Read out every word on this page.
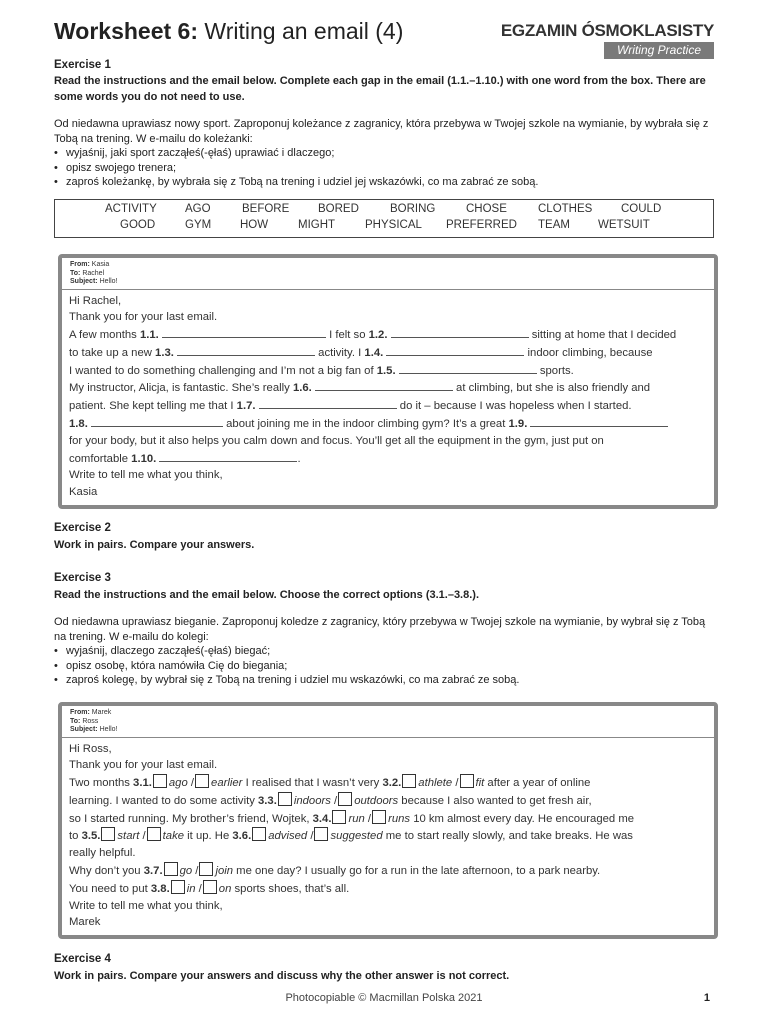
Worksheet 6: Writing an email (4)	EGZAMIN ÓSMOKLASISTY
Writing Practice
Exercise 1
Read the instructions and the email below. Complete each gap in the email (1.1.–1.10.) with one word from the box. There are some words you do not need to use.
Od niedawna uprawiasz nowy sport. Zaproponuj koleżance z zagranicy, która przebywa w Twojej szkole na wymianie, by wybrała się z Tobą na trening. W e-mailu do koleżanki:
• wyjaśnij, jaki sport zacząłeś(-ęłaś) uprawiać i dlaczego;
• opisz swojego trenera;
• zaproś koleżankę, by wybrała się z Tobą na trening i udziel jej wskazówki, co ma zabrać ze sobą.
ACTIVITY AGO	BEFORE BORED	BORING	CHOSE	CLOTHES COULD
GOOD	GYM	HOW	MIGHT	PHYSICAL PREFERRED TEAM WETSUIT
From: Kasia
To: Rachel
Subject: Hello!
Hi Rachel,
Thank you for your last email.
A few months 1.1.	I felt so 1.2.	sitting at home that I decided
to take up a new 1.3.	activity. I 1.4.	indoor climbing, because
I wanted to do something challenging and I’m not a big fan of 1.5.	sports.
My instructor, Alicja, is fantastic. She’s really 1.6.	at climbing, but she is also friendly and
patient. She kept telling me that I 1.7.	do it – because I was hopeless when I started.
1.8.	about joining me in the indoor climbing gym? It’s a great 1.9.
for your body, but it also helps you calm down and focus. You’ll get all the equipment in the gym, just put on
comfortable 1.10.	.
Write to tell me what you think,
Kasia
Exercise 2
Work in pairs. Compare your answers.
Exercise 3
Read the instructions and the email below. Choose the correct options (3.1.–3.8.).
Od niedawna uprawiasz bieganie. Zaproponuj koledze z zagranicy, który przebywa w Twojej szkole na wymianie, by wybrał się z Tobą na trening. W e-mailu do kolegi:
• wyjaśnij, dlaczego zacząłeś(-ęłaś) biegać;
• opisz osobę, która namówiła Cię do biegania;
• zaproś kolegę, by wybrał się z Tobą na trening i udziel mu wskazówki, co ma zabrać ze sobą.
From: Marek
To: Ross
Subject: Hello!
Hi Ross,
Thank you for your last email.
Two months 3.1. ago / earlier I realised that I wasn’t very 3.2. athlete / fit after a year of online
learning. I wanted to do some activity 3.3. indoors / outdoors because I also wanted to get fresh air,
so I started running. My brother’s friend, Wojtek, 3.4. run / runs 10 km almost every day. He encouraged me
to 3.5. start / take it up. He 3.6. advised / suggested me to start really slowly, and take breaks. He was
really helpful.
Why don’t you 3.7. go / join me one day? I usually go for a run in the late afternoon, to a park nearby.
You need to put 3.8. in / on sports shoes, that’s all.
Write to tell me what you think,
Marek
Exercise 4
Work in pairs. Compare your answers and discuss why the other answer is not correct.
Photocopiable © Macmillan Polska 2021	1
